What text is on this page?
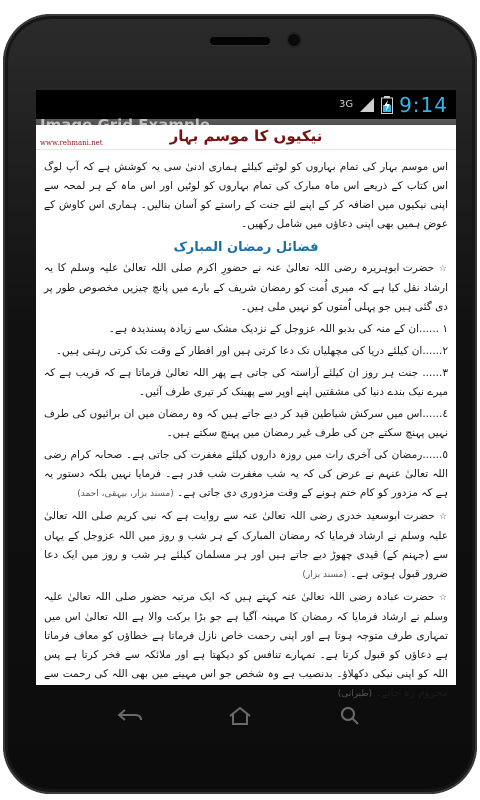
3G 9:14
www.rehmani.net	نیکیوں کا موسم بہار

اس موسم بہار کی تمام بہاروں کو لوٹنے کیلئے ہماری ادنیٰ سی یہ کوشش ہے کہ آپ لوگ اس کتاب کے ذریعے اس ماہ مبارک کی تمام بہاروں کو لوٹیں اور اس ماہ کے ہر لمحہ سے اپنی نیکیوں میں اضافہ کر کے اپنے لئے جنت کے راستے کو آسان بنالیں۔ ہماری اس کاوش کے عوض ہمیں بھی اپنی دعاؤں میں شامل رکھیں۔

فضائل رمضان المبارک

☆ حضرت ابوہریرہ رضی اللہ تعالیٰ عنہ نے حضورِ اکرم صلی اللہ تعالیٰ علیہ وسلم کا یہ ارشاد نقل کیا ہے کہ میری اُمت کو رمضان شریف کے بارے میں پانچ چیزیں مخصوص طور پر دی گئی ہیں جو پہلی اُمتوں کو نہیں ملی ہیں۔

١ ......ان کے منہ کی بدبو اللہ عزوجل کے نزدیک مشک سے زیادہ پسندیدہ ہے۔

٢......ان کیلئے دریا کی مچھلیاں تک دعا کرتی ہیں اور افطار کے وقت تک کرتی رہتی ہیں۔

٣...... جنت ہر روز ان کیلئے آراستہ کی جاتی ہے پھر اللہ تعالیٰ فرماتا ہے کہ قریب ہے کہ میرے نیک بندے دنیا کی مشقتیں اپنے اوپر سے پھینک کر تیری طرف آئیں۔

٤......اس میں سرکش شیاطین قید کر دیے جاتے ہیں کہ وہ رمضان میں ان برائیوں کی طرف نہیں پہنچ سکتے جن کی طرف غیر رمضان میں پہنچ سکتے ہیں۔

٥......رمضان کی آخری رات میں روزہ داروں کیلئے مغفرت کی جاتی ہے۔ صحابہ کرام رضی اللہ تعالیٰ عنہم نے عرض کی کہ یہ شب مغفرت شب قدر ہے۔ فرمایا نہیں بلکہ دستور یہ ہے کہ مزدور کو کام ختم ہونے کے وقت مزدوری دی جاتی ہے۔ (مسند بزار، بیہقی، احمد)

☆ حضرت ابوسعید خدری رضی اللہ تعالیٰ عنہ سے روایت ہے کہ نبی کریم صلی اللہ تعالیٰ علیہ وسلم نے ارشاد فرمایا کہ رمضان المبارک کے ہر شب و روز میں اللہ عزوجل کے یہاں سے (جہنم کے) قیدی چھوڑ دیے جاتے ہیں اور ہر مسلمان کیلئے ہر شب و روز میں ایک دعا ضرور قبول ہوتی ہے۔ (مسند بزار)

☆ حضرت عبادہ رضی اللہ تعالیٰ عنہ کہتے ہیں کہ ایک مرتبہ حضور صلی اللہ تعالیٰ علیہ وسلم نے ارشاد فرمایا کہ رمضان کا مہینہ آگیا ہے جو بڑا برکت والا ہے اللہ تعالیٰ اس میں تمہاری طرف متوجہ ہوتا ہے اور اپنی رحمت خاص نازل فرماتا ہے خطاؤں کو معاف فرماتا ہے دعاؤں کو قبول کرتا ہے۔ تمہارے تنافس کو دیکھتا ہے اور ملائکہ سے فخر کرتا ہے پس اللہ کو اپنی نیکی دکھلاؤ۔ بدنصیب ہے وہ شخص جو اس مہینے میں بھی اللہ کی رحمت سے محروم رہ جائے۔ (طبرانی)
